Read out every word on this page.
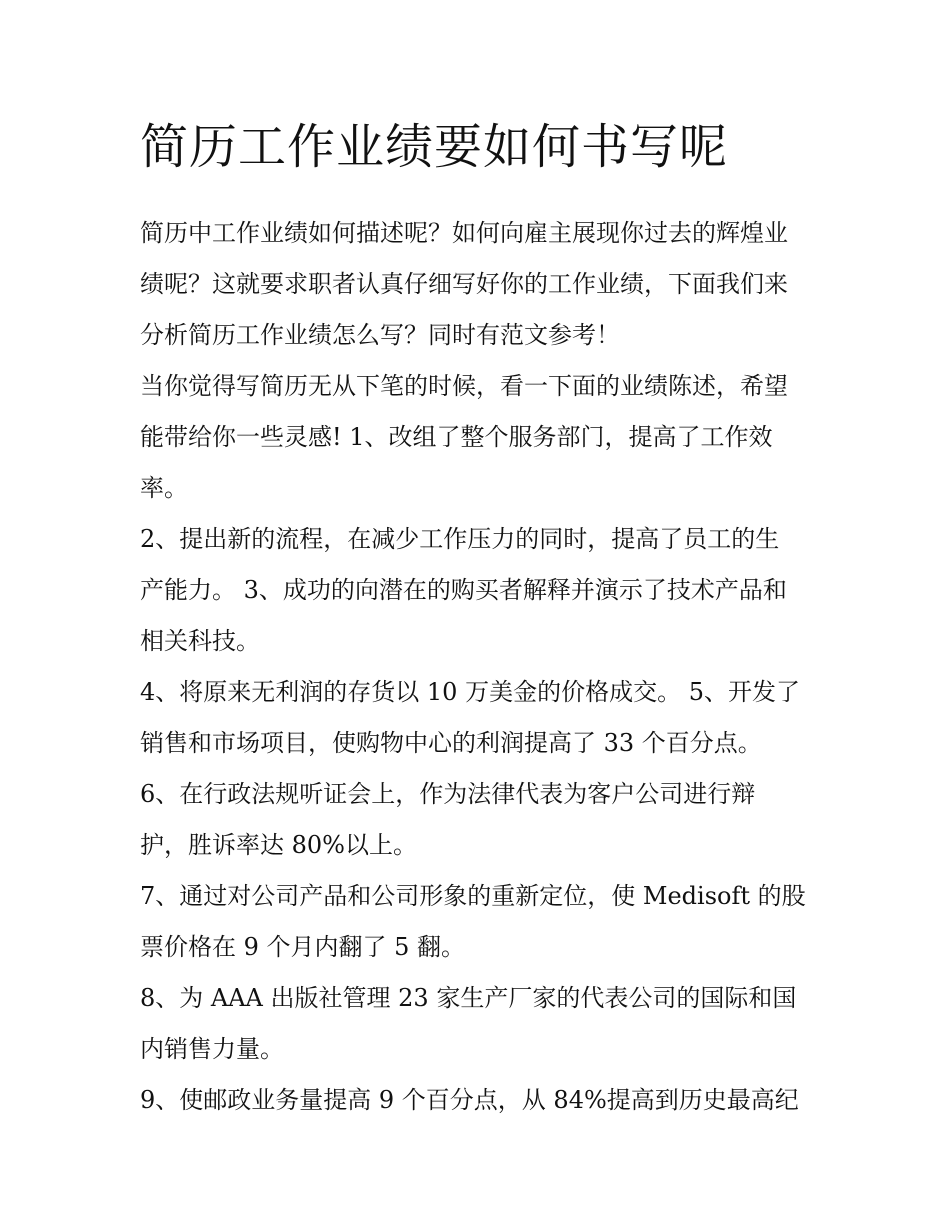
简历工作业绩要如何书写呢

简历中工作业绩如何描述呢？如何向雇主展现你过去的辉煌业
绩呢？这就要求职者认真仔细写好你的工作业绩，下面我们来
分析简历工作业绩怎么写？同时有范文参考！

当你觉得写简历无从下笔的时候，看一下面的业绩陈述，希望
能带给你一些灵感! 1、改组了整个服务部门，提高了工作效
率。

2、提出新的流程，在减少工作压力的同时，提高了员工的生
产能力。 3、成功的向潜在的购买者解释并演示了技术产品和
相关科技。

4、将原来无利润的存货以 10 万美金的价格成交。 5、开发了
销售和市场项目，使购物中心的利润提高了 33 个百分点。

6、在行政法规听证会上，作为法律代表为客户公司进行辩
护，胜诉率达 80%以上。

7、通过对公司产品和公司形象的重新定位，使 Medisoft 的股
票价格在 9 个月内翻了 5 翻。

8、为 AAA 出版社管理 23 家生产厂家的代表公司的国际和国
内销售力量。

9、使邮政业务量提高 9 个百分点，从 84%提高到历史最高纪
